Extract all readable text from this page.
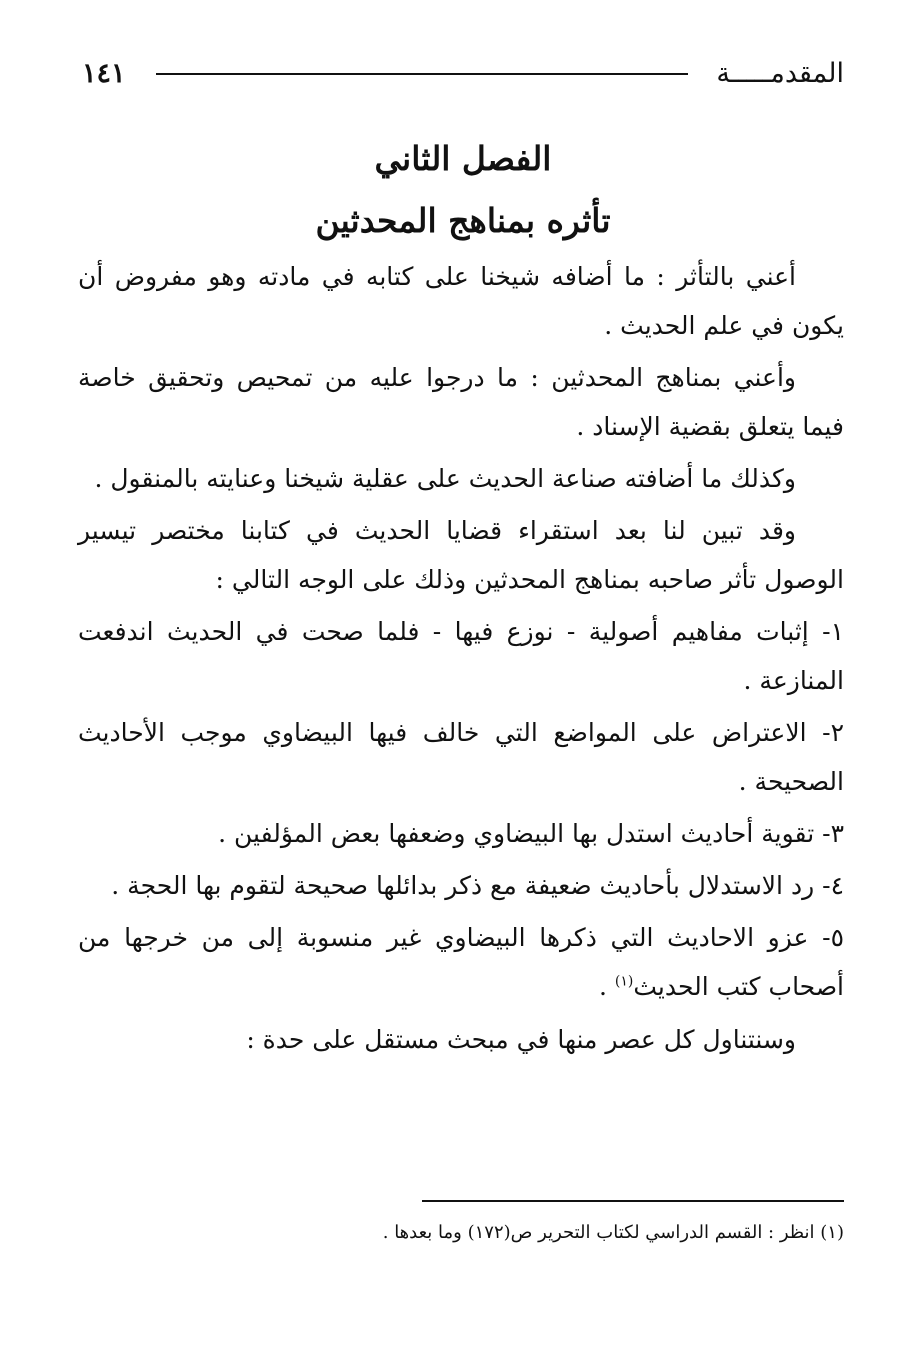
المقدمـــــة
١٤١
الفصل الثاني
تأثره بمناهج المحدثين

أعني بالتأثر : ما أضافه شيخنا على كتابه في مادته وهو مفروض أن يكون في علم الحديث .

وأعني بمناهج المحدثين : ما درجوا عليه من تمحيص وتحقيق خاصة فيما يتعلق بقضية الإسناد .

وكذلك ما أضافته صناعة الحديث على عقلية شيخنا وعنايته بالمنقول .

وقد تبين لنا بعد استقراء قضايا الحديث في كتابنا مختصر تيسير الوصول تأثر صاحبه بمناهج المحدثين وذلك على الوجه التالي :

١- إثبات مفاهيم أصولية - نوزع فيها - فلما صحت في الحديث اندفعت المنازعة .

٢- الاعتراض على المواضع التي خالف فيها البيضاوي موجب الأحاديث الصحيحة .

٣- تقوية أحاديث استدل بها البيضاوي وضعفها بعض المؤلفين .

٤- رد الاستدلال بأحاديث ضعيفة مع ذكر بدائلها صحيحة لتقوم بها الحجة .

٥- عزو الاحاديث التي ذكرها البيضاوي غير منسوبة إلى من خرجها من أصحاب كتب الحديث$^{(١)}$ .

وسنتناول كل عصر منها في مبحث مستقل على حدة :

(١) انظر : القسم الدراسي لكتاب التحرير ص(١٧٢) وما بعدها .
